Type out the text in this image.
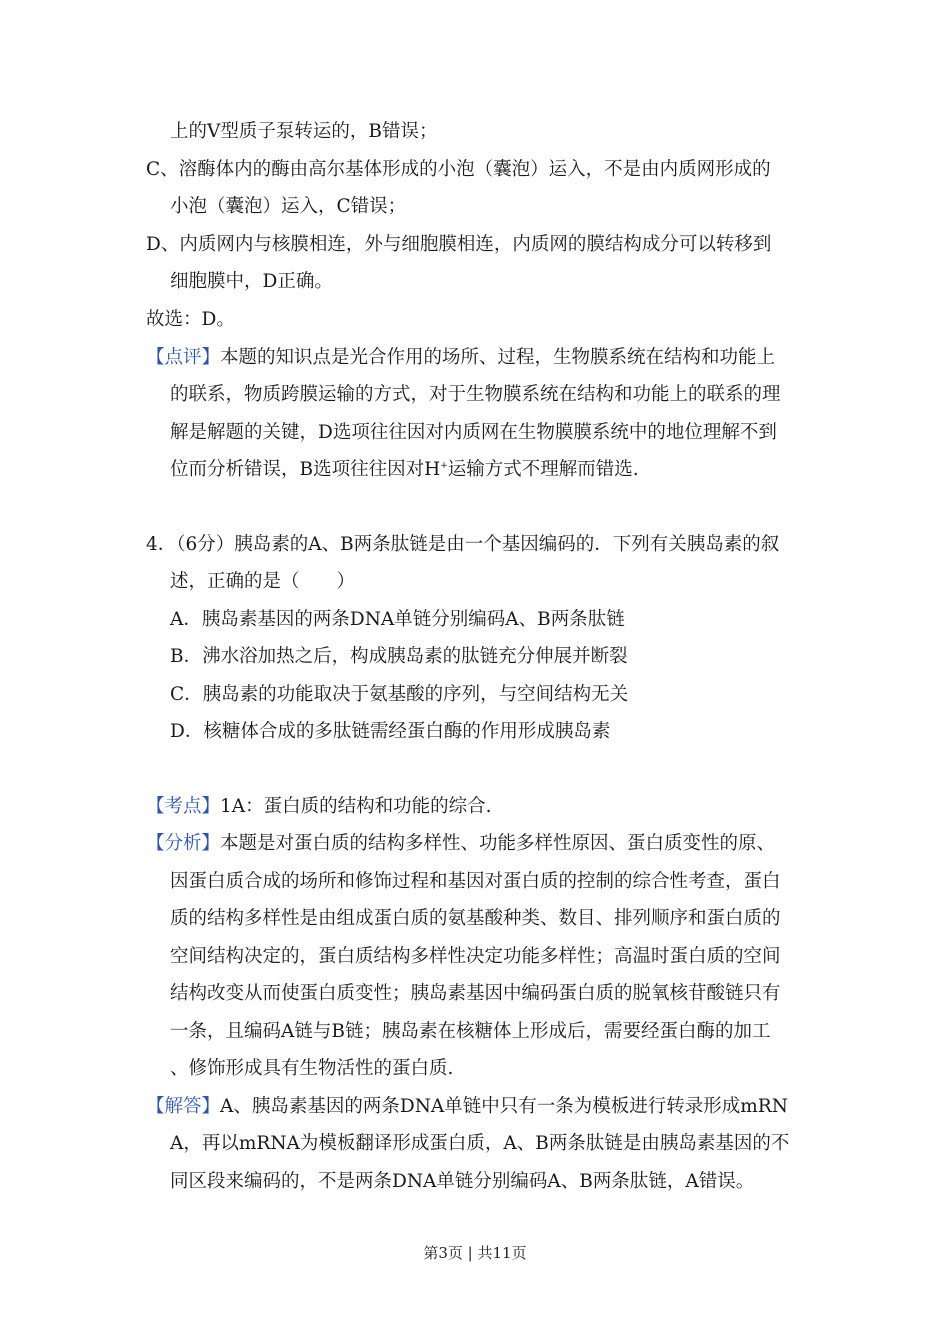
上的V型质子泵转运的，B错误；
C、溶酶体内的酶由高尔基体形成的小泡（囊泡）运入，不是由内质网形成的
小泡（囊泡）运入，C错误；
D、内质网内与核膜相连，外与细胞膜相连，内质网的膜结构成分可以转移到
细胞膜中，D正确。
故选：D。
【点评】本题的知识点是光合作用的场所、过程，生物膜系统在结构和功能上
的联系，物质跨膜运输的方式，对于生物膜系统在结构和功能上的联系的理
解是解题的关键，D选项往往因对内质网在生物膜膜系统中的地位理解不到
位而分析错误，B选项往往因对H+运输方式不理解而错选.
4．（6分）胰岛素的A、B两条肽链是由一个基因编码的．下列有关胰岛素的叙
述，正确的是（　　）
A．胰岛素基因的两条DNA单链分别编码A、B两条肽链
B．沸水浴加热之后，构成胰岛素的肽链充分伸展并断裂
C．胰岛素的功能取决于氨基酸的序列，与空间结构无关
D．核糖体合成的多肽链需经蛋白酶的作用形成胰岛素
【考点】1A：蛋白质的结构和功能的综合.
【分析】本题是对蛋白质的结构多样性、功能多样性原因、蛋白质变性的原、
因蛋白质合成的场所和修饰过程和基因对蛋白质的控制的综合性考查，蛋白
质的结构多样性是由组成蛋白质的氨基酸种类、数目、排列顺序和蛋白质的
空间结构决定的，蛋白质结构多样性决定功能多样性；高温时蛋白质的空间
结构改变从而使蛋白质变性；胰岛素基因中编码蛋白质的脱氧核苷酸链只有
一条，且编码A链与B链；胰岛素在核糖体上形成后，需要经蛋白酶的加工
、修饰形成具有生物活性的蛋白质.
【解答】A、胰岛素基因的两条DNA单链中只有一条为模板进行转录形成mRN
A，再以mRNA为模板翻译形成蛋白质，A、B两条肽链是由胰岛素基因的不
同区段来编码的，不是两条DNA单链分别编码A、B两条肽链，A错误。
第3页 | 共11页
